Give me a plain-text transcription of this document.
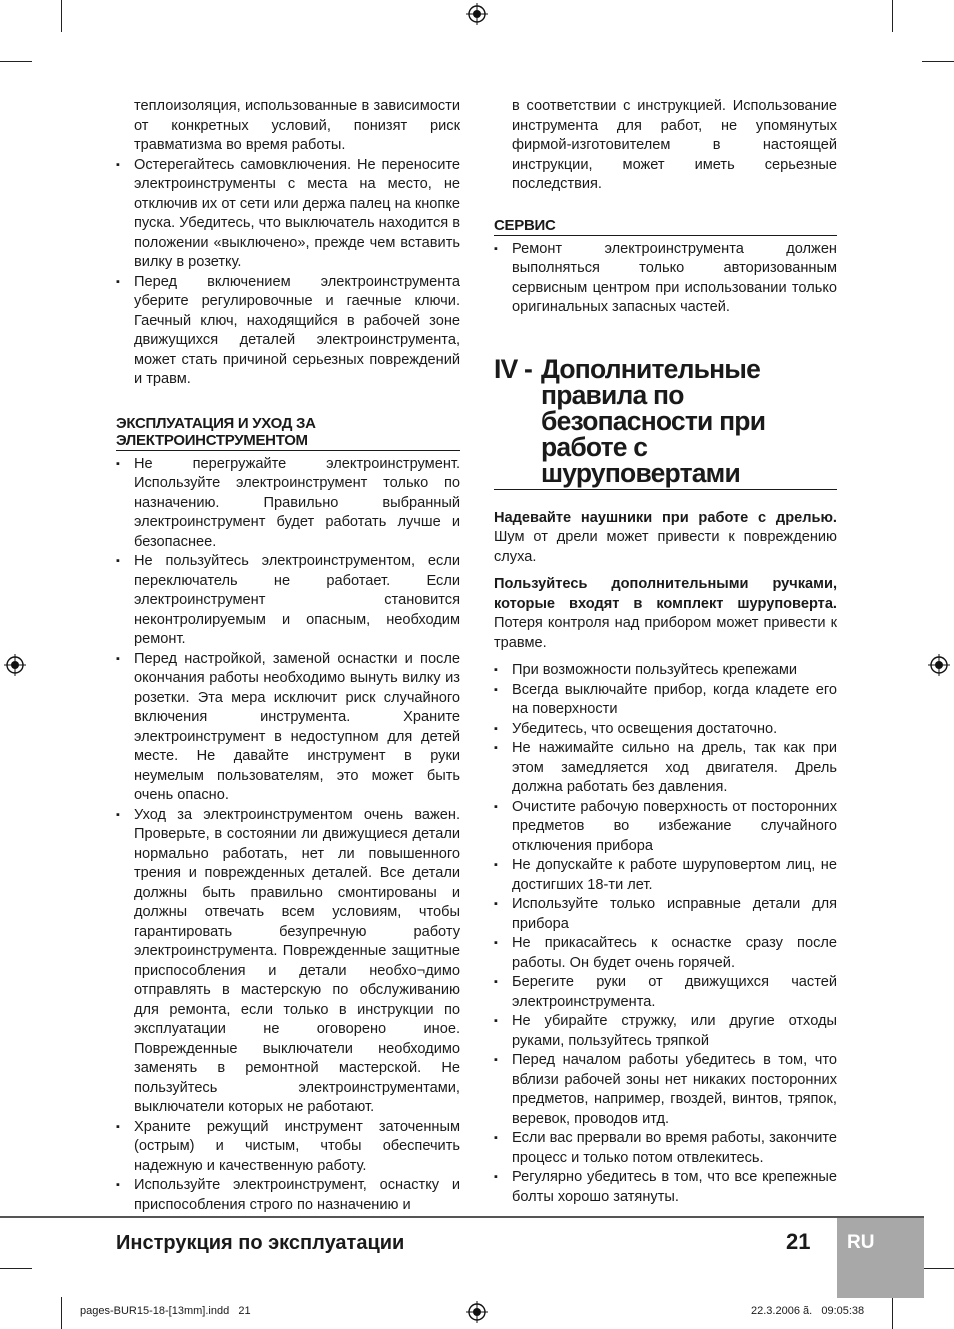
теплоизоляция, использованные в зависимости от конкретных условий, понизят риск травматизма во время работы.

▪ Остерегайтесь самовключения. Не переносите электроинструменты с места на место, не отключив их от сети или держа палец на кнопке пуска. Убедитесь, что выключатель находится в положении «выключено», прежде чем вставить вилку в розетку.
▪ Перед включением электроинструмента уберите регулировочные и гаечные ключи. Гаечный ключ, находящийся в рабочей зоне движущихся деталей электроинструмента, может стать причиной серьезных повреждений и травм.
ЭКСПЛУАТАЦИЯ И УХОД ЗА ЭЛЕКТРОИНСТРУМЕНТОМ
▪ Не перегружайте электроинструмент. Используйте электроинструмент только по назначению. Правильно выбранный электроинструмент будет работать лучше и безопаснее.
▪ Не пользуйтесь электроинструментом, если переключатель не работает. Если электроинструмент становится неконтролируемым и опасным, необходим ремонт.
▪ Перед настройкой, заменой оснастки и после окончания работы необходимо вынуть вилку из розетки. Эта мера исключит риск случайного включения инструмента. Храните электроинструмент в недоступном для детей месте. Не давайте инструмент в руки неумелым пользователям, это может быть очень опасно.
▪ Уход за электроинструментом очень важен. Проверьте, в состоянии ли движущиеся детали нормально работать, нет ли повышенного трения и поврежденных деталей. Все детали должны быть правильно смонтированы и должны отвечать всем условиям, чтобы гарантировать безупречную работу электроинструмента. Поврежденные защитные приспособления и детали необхо¬димо отправлять в мастерскую по обслуживанию для ремонта, если только в инструкции по эксплуатации не оговорено иное. Поврежденные выключатели необходимо заменять в ремонтной мастерской. Не пользуйтесь электроинструментами, выключатели которых не работают.
▪ Храните режущий инструмент заточенным (острым) и чистым, чтобы обеспечить надежную и качественную работу.
▪ Используйте электроинструмент, оснастку и приспособления строго по назначению и

в соответствии с инструкцией. Использование инструмента для работ, не упомянутых фирмой-изготовителем в настоящей инструкции, может иметь серьезные последствия.

СЕРВИС
▪ Ремонт электроинструмента должен выполняться только авторизованным сервисным центром при использовании только оригинальных запасных частей.
IV - Дополнительные правила по безопасности при работе с шуруповертами

Надевайте наушники при работе с дрелью. Шум от дрели может привести к повреждению слуха.

Пользуйтесь дополнительными ручками, которые входят в комплект шуруповерта. Потеря контроля над прибором может привести к травме.

▪ При возможности пользуйтесь крепежами
▪ Всегда выключайте прибор, когда кладете его на поверхности
▪ Убедитесь, что освещения достаточно.
▪ Не нажимайте сильно на дрель, так как при этом замедляется ход двигателя. Дрель должна работать без давления.
▪ Очистите рабочую поверхность от посторонних предметов во избежание случайного отключения прибора
▪ Не допускайте к работе шуруповертом лиц, не достигших 18-ти лет.
▪ Используйте только исправные детали для прибора
▪ Не прикасайтесь к оснастке сразу после работы. Он будет очень горячей.
▪ Берегите руки от движущихся частей электроинструмента.
▪ Не убирайте стружку, или другие отходы руками, пользуйтесь тряпкой
▪ Перед началом работы убедитесь в том, что вблизи рабочей зоны нет никаких посторонних предметов, например, гвоздей, винтов, тряпок, веревок, проводов итд.
▪ Если вас прервали во время работы, закончите процесс и только потом отвлекитесь.
▪ Регулярно убедитесь в том, что все крепежные болты хорошо затянуты.
Инструкция по эксплуатации	21 RU
pages-BUR15-18-[13mm].indd   21	22.3.2006 ã.   09:05:38
